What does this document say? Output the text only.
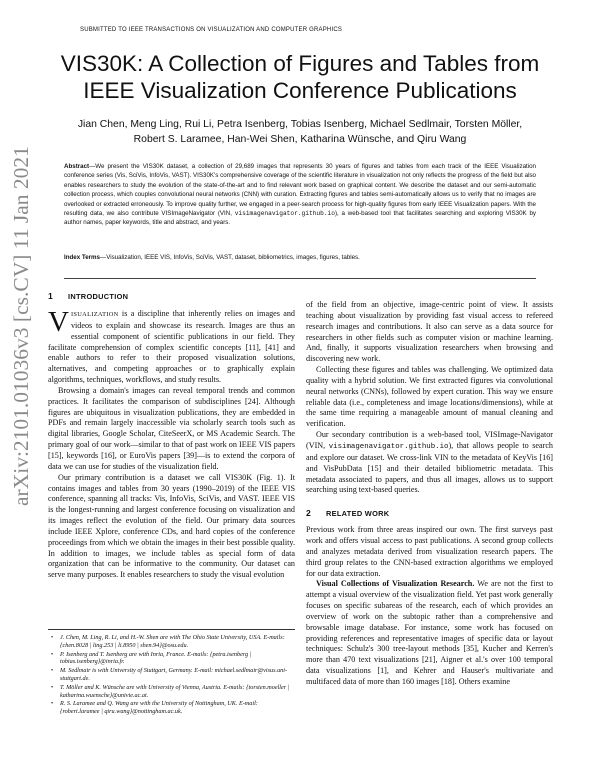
SUBMITTED TO IEEE TRANSACTIONS ON VISUALIZATION AND COMPUTER GRAPHICS
arXiv:2101.01036v3 [cs.CV] 11 Jan 2021
VIS30K: A Collection of Figures and Tables from
IEEE Visualization Conference Publications
Jian Chen, Meng Ling, Rui Li, Petra Isenberg, Tobias Isenberg, Michael Sedlmair, Torsten Möller,
Robert S. Laramee, Han-Wei Shen, Katharina Wünsche, and Qiru Wang
Abstract—We present the VIS30K dataset, a collection of 29,689 images that represents 30 years of figures and tables from each track of the IEEE Visualization conference series (Vis, SciVis, InfoVis, VAST). VIS30K's comprehensive coverage of the scientific literature in visualization not only reflects the progress of the field but also enables researchers to study the evolution of the state-of-the-art and to find relevant work based on graphical content. We describe the dataset and our semi-automatic collection process, which couples convolutional neural networks (CNN) with curation. Extracting figures and tables semi-automatically allows us to verify that no images are overlooked or extracted erroneously. To improve quality further, we engaged in a peer-search process for high-quality figures from early IEEE Visualization papers. With the resulting data, we also contribute VISImageNavigator (VIN, visimagenavigator.github.io), a web-based tool that facilitates searching and exploring VIS30K by author names, paper keywords, title and abstract, and years.
Index Terms—Visualization, IEEE VIS, InfoVis, SciVis, VAST, dataset, bibliometrics, images, figures, tables.
1 INTRODUCTION

VISUALIZATION is a discipline that inherently relies on images and videos to explain and showcase its research. Images are thus an essential component of scientific publications in our field. They facilitate comprehension of complex scientific concepts [11], [41] and enable authors to refer to their proposed visualization solutions, alternatives, and competing approaches or to graphically explain algorithms, techniques, workflows, and study results.

Browsing a domain's images can reveal temporal trends and common practices. It facilitates the comparison of subdisciplines [24]. Although figures are ubiquitous in visualization publications, they are embedded in PDFs and remain largely inaccessible via scholarly search tools such as digital libraries, Google Scholar, CiteSeerX, or MS Academic Search. The primary goal of our work—similar to that of past work on IEEE VIS papers [15], keywords [16], or EuroVis papers [39]—is to extend the corpora of data we can use for studies of the visualization field.

Our primary contribution is a dataset we call VIS30K (Fig. 1). It contains images and tables from 30 years (1990–2019) of the IEEE VIS conference, spanning all tracks: Vis, InfoVis, SciVis, and VAST. IEEE VIS is the longest-running and largest conference focusing on visualization and its images reflect the evolution of the field. Our primary data sources include IEEE Xplore, conference CDs, and hard copies of the conference proceedings from which we obtain the images in their best possible quality. In addition to images, we include tables as special form of data organization that can be informative to the community. Our dataset can serve many purposes. It enables researchers to study the visual evolution

• J. Chen, M. Ling, R. Li, and H.-W. Shen are with The Ohio State University, USA. E-mails: {chen.8028 | ling.253 | li.8950 | shen.94}@osu.edu.
• P. Isenberg and T. Isenberg are with Inria, France. E-mails: {petra.isenberg | tobias.isenberg}@inria.fr.
• M. Sedlmair is with University of Stuttgart, Germany. E-mail: michael.sedlmair@visus.uni-stuttgart.de.
• T. Möller and K. Wünsche are with University of Vienna, Austria. E-mails: {torsten.moeller | katharina.wuensche}@univie.ac.at.
• R. S. Laramee and Q. Wang are with the University of Nottingham, UK. E-mail: {robert.laramee | qiru.wang}@nottingham.ac.uk.

of the field from an objective, image-centric point of view. It assists teaching about visualization by providing fast visual access to refereed research images and contributions. It also can serve as a data source for researchers in other fields such as computer vision or machine learning. And, finally, it supports visualization researchers when browsing and discovering new work.

Collecting these figures and tables was challenging. We optimized data quality with a hybrid solution. We first extracted figures via convolutional neural networks (CNNs), followed by expert curation. This way we ensure reliable data (i.e., completeness and image locations/dimensions), while at the same time requiring a manageable amount of manual cleaning and verification.

Our secondary contribution is a web-based tool, VISImage-Navigator (VIN, visimagenavigator.github.io), that allows people to search and explore our dataset. We cross-link VIN to the metadata of KeyVis [16] and VisPubData [15] and their detailed bibliometric metadata. This metadata associated to papers, and thus all images, allows us to support searching using text-based queries.

2 RELATED WORK

Previous work from three areas inspired our own. The first surveys past work and offers visual access to past publications. A second group collects and analyzes metadata derived from visualization research papers. The third group relates to the CNN-based extraction algorithms we employed for our data extraction.

Visual Collections of Visualization Research. We are not the first to attempt a visual overview of the visualization field. Yet past work generally focuses on specific subareas of the research, each of which provides an overview of work on the subtopic rather than a comprehensive and browsable image database. For instance, some work has focused on providing references and representative images of specific data or layout techniques: Schulz's 300 tree-layout methods [35], Kucher and Kerren's more than 470 text visualizations [21], Aigner et al.'s over 100 temporal data visualizations [1], and Kehrer and Hauser's multivariate and multifaced data of more than 160 images [18]. Others examine
